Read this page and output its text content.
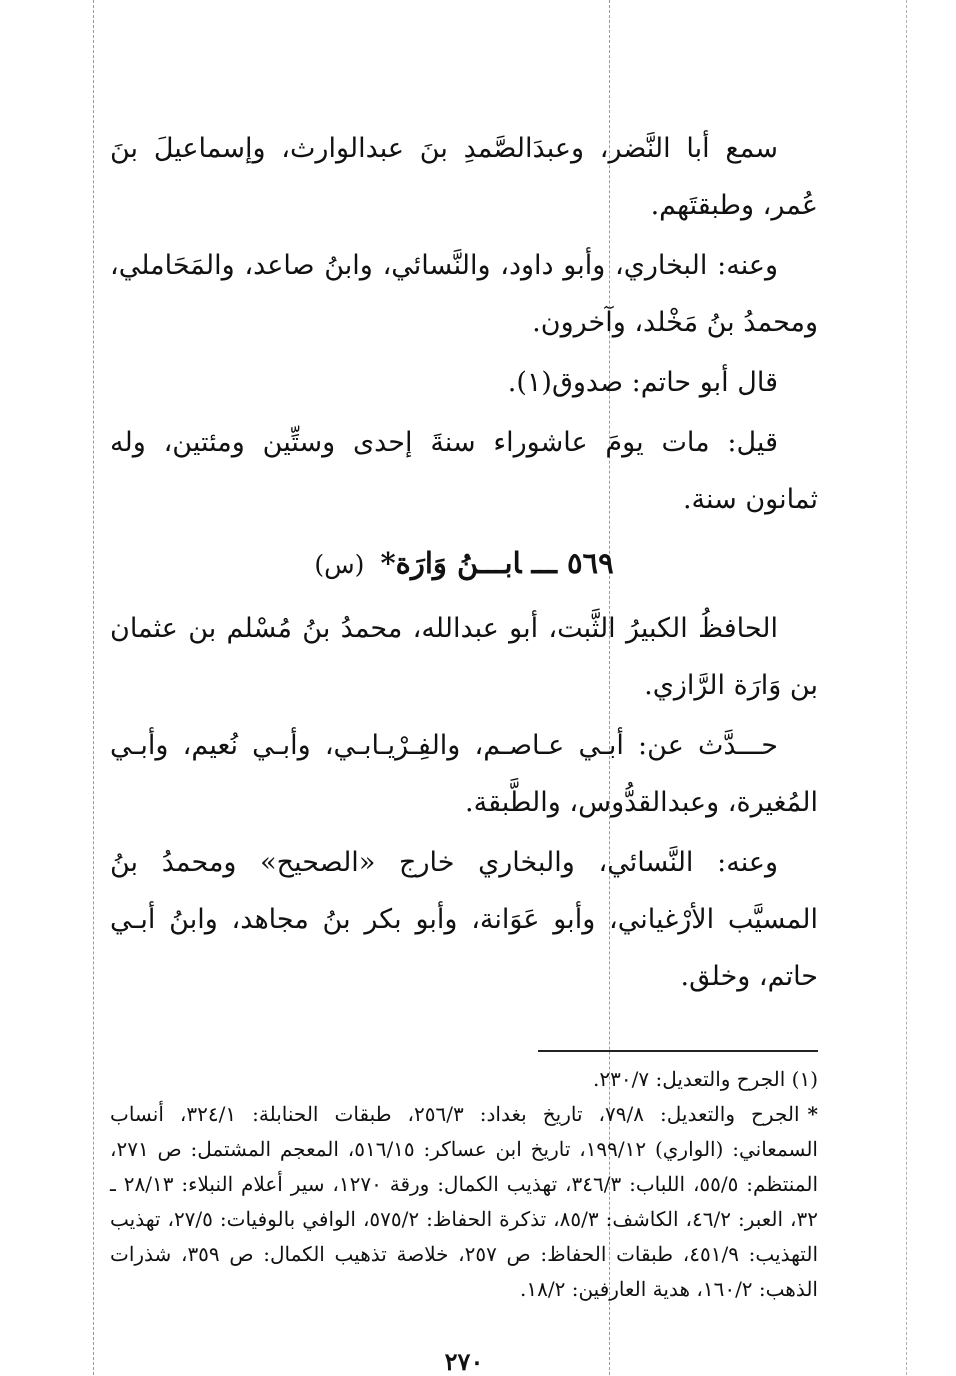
سمع أبا النَّضر، وعبدَالصَّمدِ بنَ عبدالوارث، وإسماعيلَ بنَ عُمر، وطبقتَهم.

وعنه: البخاري، وأبو داود، والنَّسائي، وابنُ صاعد، والمَحَاملي، ومحمدُ بنُ مَخْلد، وآخرون.

قال أبو حاتم: صدوق(١).

قيل: مات يومَ عاشوراء سنةَ إحدى وستِّين ومئتين، وله ثمانون سنة.

٥٦٩ـــابـــنُ وَارَة* (س)

الحافظُ الكبيرُ الثَّبت، أبو عبدالله، محمدُ بنُ مُسْلم بن عثمان بن وَارَة الرَّازي.

حـــدَّث عن: أبـي عـاصـم، والفِـرْيـابـي، وأبـي نُعيم، وأبـي المُغيرة، وعبدالقدُّوس، والطَّبقة.

وعنه: النَّسائي، والبخاري خارج «الصحيح» ومحمدُ بنُ المسيَّب الأرْغياني، وأبو عَوَانة، وأبو بكر بنُ مجاهد، وابنُ أبـي حاتم، وخلق.

(١) الجرح والتعديل: ٢٣٠/٧.

*الجرح والتعديل: ٧٩/٨، تاريخ بغداد: ٢٥٦/٣، طبقات الحنابلة: ٣٢٤/١، أنساب السمعاني: (الواري) ١٩٩/١٢، تاريخ ابن عساكر: ٥١٦/١٥، المعجم المشتمل: ص ٢٧١، المنتظم: ٥٥/٥، اللباب: ٣٤٦/٣، تهذيب الكمال: ورقة ١٢٧٠، سير أعلام النبلاء: ٢٨/١٣ ـ ٣٢، العبر: ٤٦/٢، الكاشف: ٨٥/٣، تذكرة الحفاظ: ٥٧٥/٢، الوافي بالوفيات: ٢٧/٥، تهذيب التهذيب: ٤٥١/٩، طبقات الحفاظ: ص ٢٥٧، خلاصة تذهيب الكمال: ص ٣٥٩، شذرات الذهب: ١٦٠/٢، هدية العارفين: ١٨/٢.

٢٧٠
